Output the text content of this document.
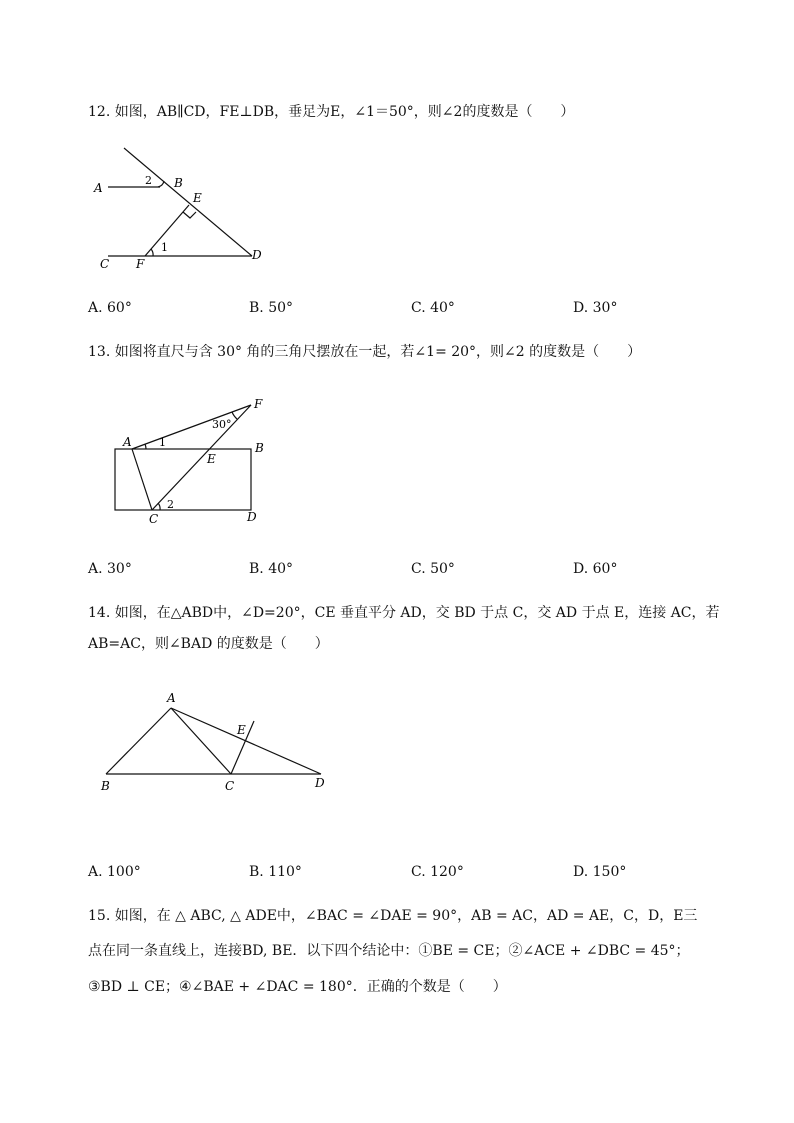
12. 如图，AB∥CD，FE⊥DB，垂足为E，∠1＝50°，则∠2的度数是（　　）
A	B
E
C F
D
2
1
F
30°
A 1	B
E
2
C	D
A
E
B	C	D
A. 60°	B. 50°	C. 40°	D. 30°
13. 如图将直尺与含 30° 角的三角尺摆放在一起，若∠1= 20°，则∠2 的度数是（　　）
A. 30°	B. 40°	C. 50°	D. 60°
14. 如图，在△ABD中，∠D=20°，CE 垂直平分 AD，交 BD 于点 C，交 AD 于点 E，连接 AC，若
AB=AC，则∠BAD 的度数是（　　）
A. 100°	B. 110°	C. 120°	D. 150°
15. 如图，在 △ ABC, △ ADE中，∠BAC = ∠DAE = 90°，AB = AC，AD = AE，C，D，E三
点在同一条直线上，连接BD, BE．以下四个结论中：①BE = CE；②∠ACE + ∠DBC = 45°；
③BD ⊥ CE；④∠BAE + ∠DAC = 180°．正确的个数是（　　）
